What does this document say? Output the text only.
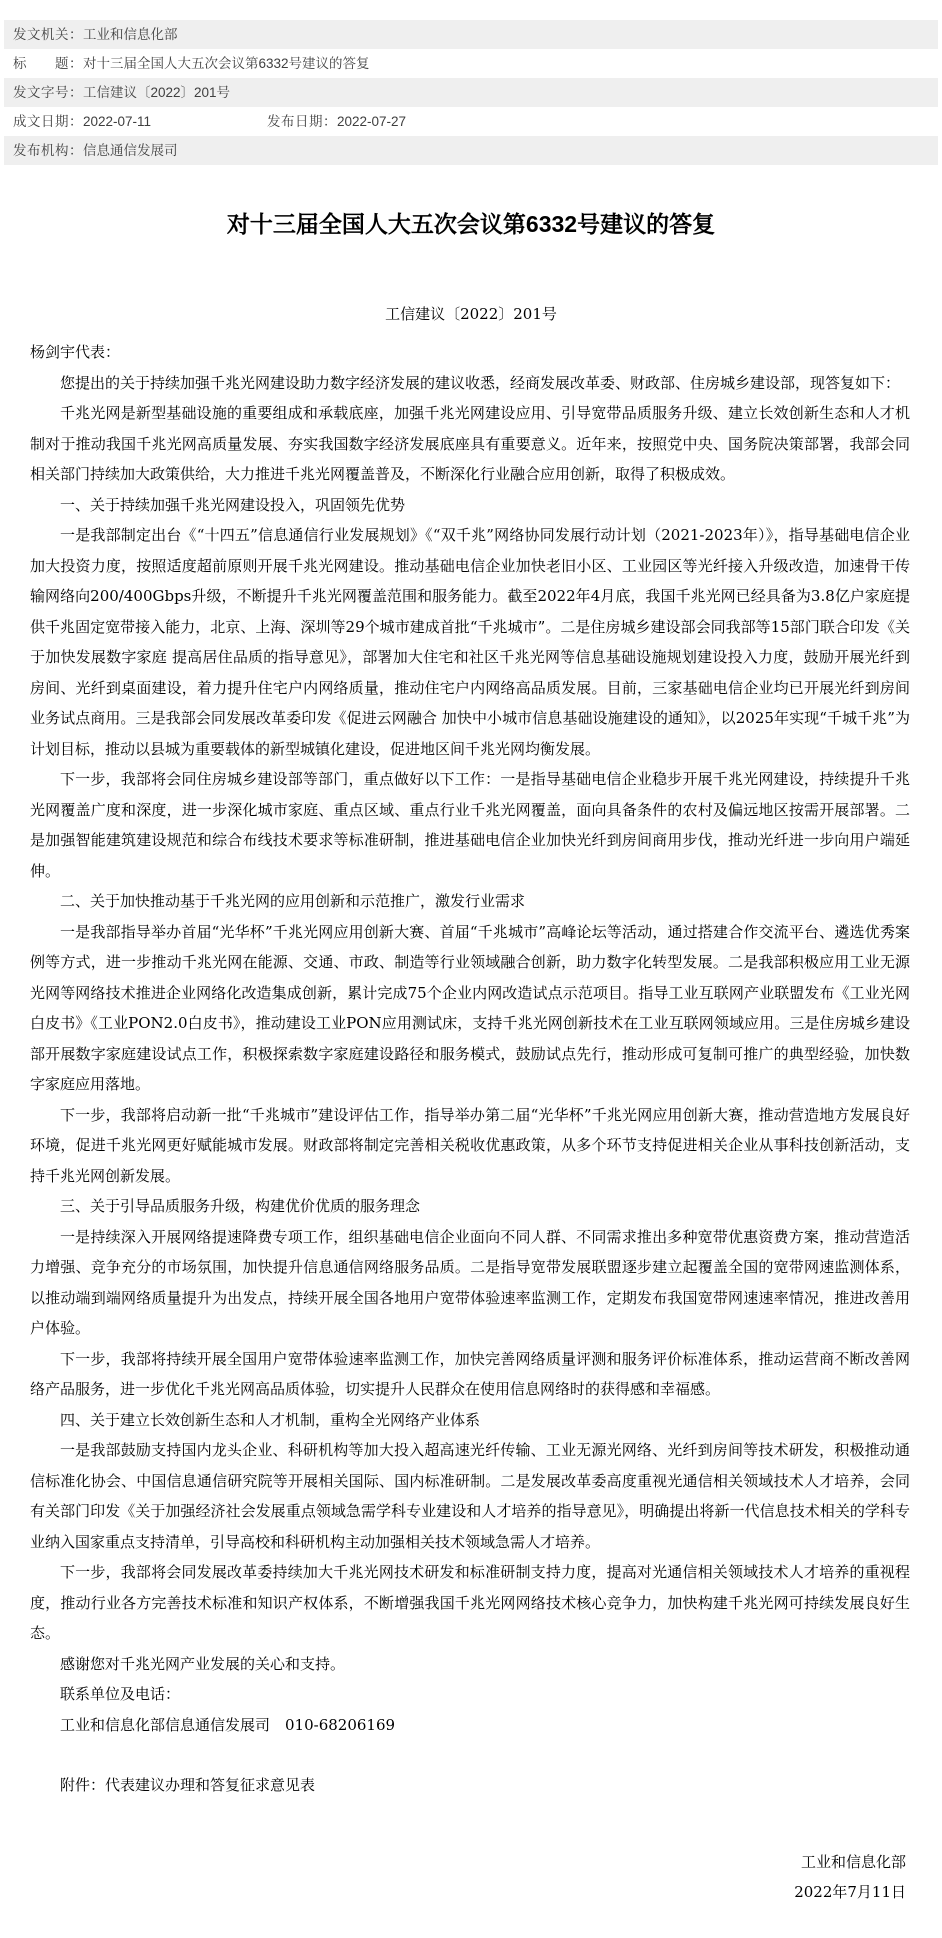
发文机关：工业和信息化部
标　　题：对十三届全国人大五次会议第6332号建议的答复
发文字号：工信建议〔2022〕201号
成文日期：2022-07-11	发布日期：2022-07-27
发布机构：信息通信发展司
对十三届全国人大五次会议第6332号建议的答复
工信建议〔2022〕201号

杨剑宇代表：

您提出的关于持续加强千兆光网建设助力数字经济发展的建议收悉，经商发展改革委、财政部、住房城乡建设部，现答复如下：

千兆光网是新型基础设施的重要组成和承载底座，加强千兆光网建设应用、引导宽带品质服务升级、建立长效创新生态和人才机制对于推动我国千兆光网高质量发展、夯实我国数字经济发展底座具有重要意义。近年来，按照党中央、国务院决策部署，我部会同相关部门持续加大政策供给，大力推进千兆光网覆盖普及，不断深化行业融合应用创新，取得了积极成效。

一、关于持续加强千兆光网建设投入，巩固领先优势

一是我部制定出台《“十四五”信息通信行业发展规划》《“双千兆”网络协同发展行动计划（2021-2023年）》，指导基础电信企业加大投资力度，按照适度超前原则开展千兆光网建设。推动基础电信企业加快老旧小区、工业园区等光纤接入升级改造，加速骨干传输网络向200/400Gbps升级，不断提升千兆光网覆盖范围和服务能力。截至2022年4月底，我国千兆光网已经具备为3.8亿户家庭提供千兆固定宽带接入能力，北京、上海、深圳等29个城市建成首批“千兆城市”。二是住房城乡建设部会同我部等15部门联合印发《关于加快发展数字家庭 提高居住品质的指导意见》，部署加大住宅和社区千兆光网等信息基础设施规划建设投入力度，鼓励开展光纤到房间、光纤到桌面建设，着力提升住宅户内网络质量，推动住宅户内网络高品质发展。目前，三家基础电信企业均已开展光纤到房间业务试点商用。三是我部会同发展改革委印发《促进云网融合 加快中小城市信息基础设施建设的通知》，以2025年实现“千城千兆”为计划目标，推动以县城为重要载体的新型城镇化建设，促进地区间千兆光网均衡发展。

下一步，我部将会同住房城乡建设部等部门，重点做好以下工作：一是指导基础电信企业稳步开展千兆光网建设，持续提升千兆光网覆盖广度和深度，进一步深化城市家庭、重点区域、重点行业千兆光网覆盖，面向具备条件的农村及偏远地区按需开展部署。二是加强智能建筑建设规范和综合布线技术要求等标准研制，推进基础电信企业加快光纤到房间商用步伐，推动光纤进一步向用户端延伸。

二、关于加快推动基于千兆光网的应用创新和示范推广，激发行业需求

一是我部指导举办首届“光华杯”千兆光网应用创新大赛、首届“千兆城市”高峰论坛等活动，通过搭建合作交流平台、遴选优秀案例等方式，进一步推动千兆光网在能源、交通、市政、制造等行业领域融合创新，助力数字化转型发展。二是我部积极应用工业无源光网等网络技术推进企业网络化改造集成创新，累计完成75个企业内网改造试点示范项目。指导工业互联网产业联盟发布《工业光网白皮书》《工业PON2.0白皮书》，推动建设工业PON应用测试床，支持千兆光网创新技术在工业互联网领域应用。三是住房城乡建设部开展数字家庭建设试点工作，积极探索数字家庭建设路径和服务模式，鼓励试点先行，推动形成可复制可推广的典型经验，加快数字家庭应用落地。

下一步，我部将启动新一批“千兆城市”建设评估工作，指导举办第二届“光华杯”千兆光网应用创新大赛，推动营造地方发展良好环境，促进千兆光网更好赋能城市发展。财政部将制定完善相关税收优惠政策，从多个环节支持促进相关企业从事科技创新活动，支持千兆光网创新发展。

三、关于引导品质服务升级，构建优价优质的服务理念

一是持续深入开展网络提速降费专项工作，组织基础电信企业面向不同人群、不同需求推出多种宽带优惠资费方案，推动营造活力增强、竞争充分的市场氛围，加快提升信息通信网络服务品质。二是指导宽带发展联盟逐步建立起覆盖全国的宽带网速监测体系，以推动端到端网络质量提升为出发点，持续开展全国各地用户宽带体验速率监测工作，定期发布我国宽带网速速率情况，推进改善用户体验。

下一步，我部将持续开展全国用户宽带体验速率监测工作，加快完善网络质量评测和服务评价标准体系，推动运营商不断改善网络产品服务，进一步优化千兆光网高品质体验，切实提升人民群众在使用信息网络时的获得感和幸福感。

四、关于建立长效创新生态和人才机制，重构全光网络产业体系

一是我部鼓励支持国内龙头企业、科研机构等加大投入超高速光纤传输、工业无源光网络、光纤到房间等技术研发，积极推动通信标准化协会、中国信息通信研究院等开展相关国际、国内标准研制。二是发展改革委高度重视光通信相关领域技术人才培养，会同有关部门印发《关于加强经济社会发展重点领域急需学科专业建设和人才培养的指导意见》，明确提出将新一代信息技术相关的学科专业纳入国家重点支持清单，引导高校和科研机构主动加强相关技术领域急需人才培养。

下一步，我部将会同发展改革委持续加大千兆光网技术研发和标准研制支持力度，提高对光通信相关领域技术人才培养的重视程度，推动行业各方完善技术标准和知识产权体系，不断增强我国千兆光网网络技术核心竞争力，加快构建千兆光网可持续发展良好生态。

感谢您对千兆光网产业发展的关心和支持。

联系单位及电话：

工业和信息化部信息通信发展司　010-68206169

附件：代表建议办理和答复征求意见表

工业和信息化部
2022年7月11日
